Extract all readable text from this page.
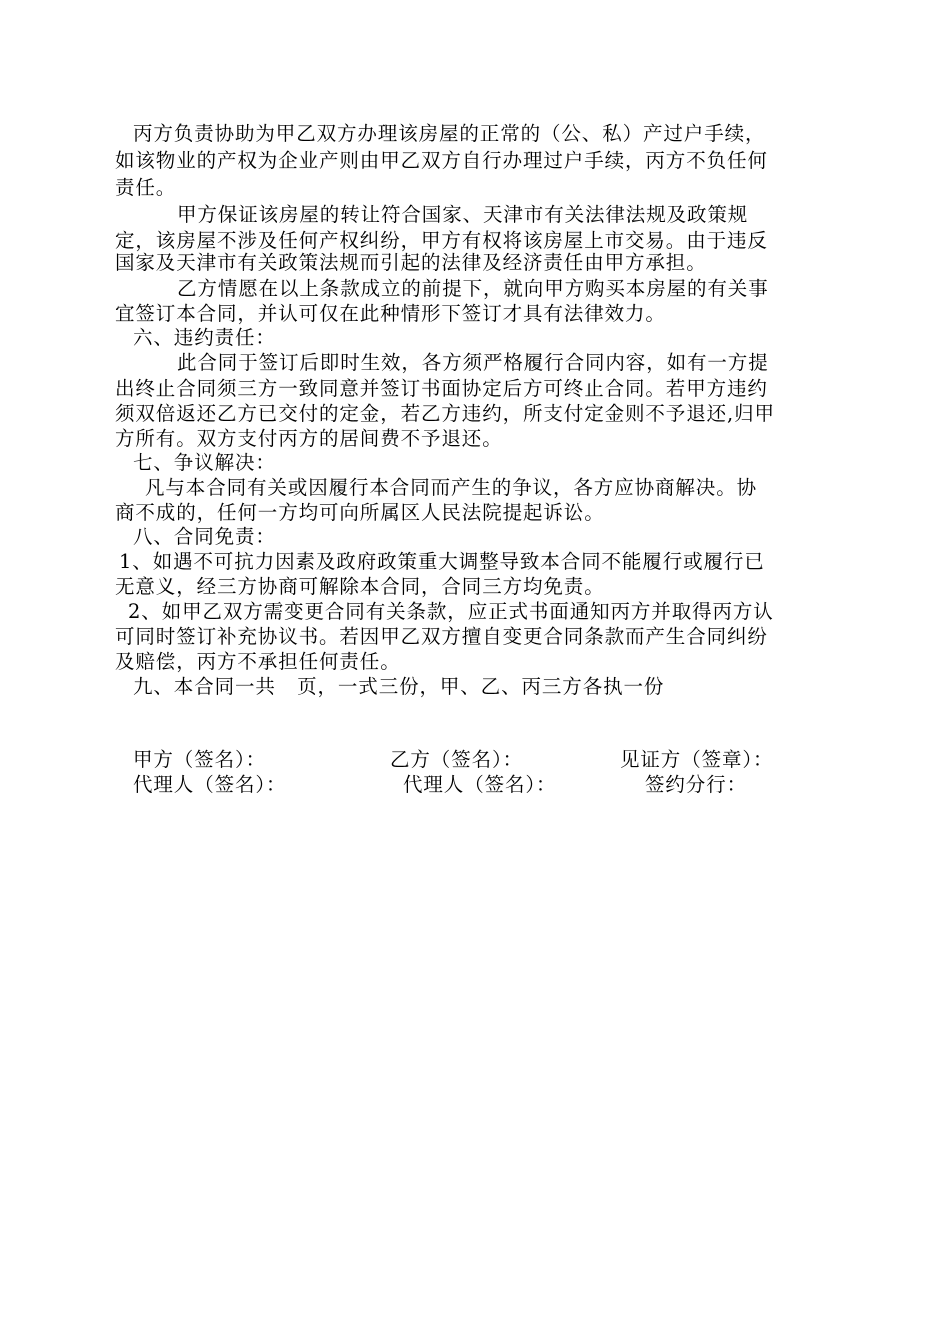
丙方负责协助为甲乙双方办理该房屋的正常的（公、私）产过户手续，
如该物业的产权为企业产则由甲乙双方自行办理过户手续，丙方不负任何
责任。
甲方保证该房屋的转让符合国家、天津市有关法律法规及政策规
定，该房屋不涉及任何产权纠纷，甲方有权将该房屋上市交易。由于违反
国家及天津市有关政策法规而引起的法律及经济责任由甲方承担。
乙方情愿在以上条款成立的前提下，就向甲方购买本房屋的有关事
宜签订本合同，并认可仅在此种情形下签订才具有法律效力。
六、违约责任：
此合同于签订后即时生效，各方须严格履行合同内容，如有一方提
出终止合同须三方一致同意并签订书面协定后方可终止合同。若甲方违约
须双倍返还乙方已交付的定金，若乙方违约，所支付定金则不予退还,归甲
方所有。双方支付丙方的居间费不予退还。
七、争议解决：
凡与本合同有关或因履行本合同而产生的争议，各方应协商解决。协
商不成的，任何一方均可向所属区人民法院提起诉讼。
八、合同免责：
1、如遇不可抗力因素及政府政策重大调整导致本合同不能履行或履行已
无意义，经三方协商可解除本合同，合同三方均免责。
2、如甲乙双方需变更合同有关条款，应正式书面通知丙方并取得丙方认
可同时签订补充协议书。若因甲乙双方擅自变更合同条款而产生合同纠纷
及赔偿，丙方不承担任何责任。
九、本合同一共   页，一式三份，甲、乙、丙三方各执一份
甲方（签名）：	乙方（签名）：	见证方（签章）：
代理人（签名）：	代理人（签名）：	签约分行：
